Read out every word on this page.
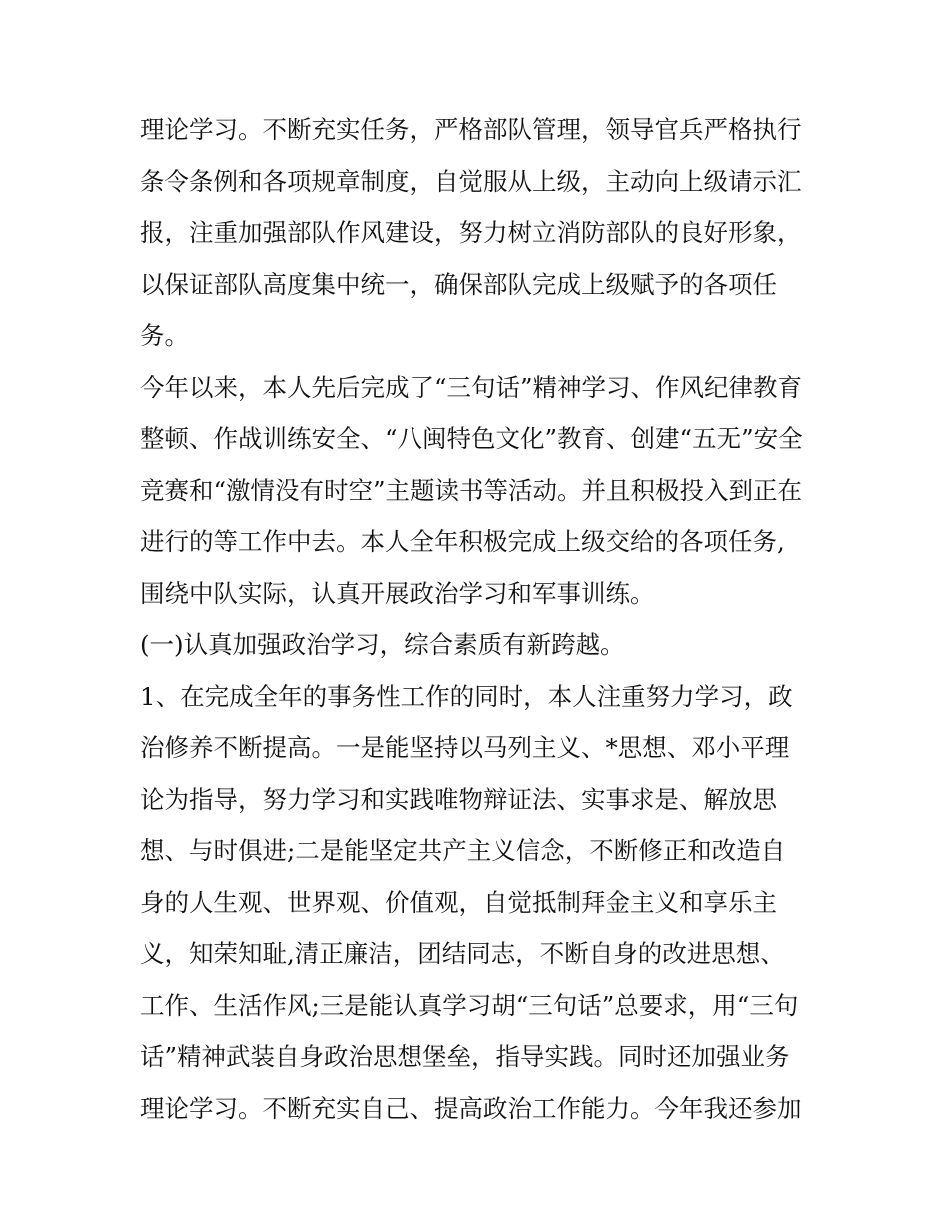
理论学习。不断充实任务，严格部队管理，领导官兵严格执行
条令条例和各项规章制度，自觉服从上级，主动向上级请示汇
报，注重加强部队作风建设，努力树立消防部队的良好形象，
以保证部队高度集中统一，确保部队完成上级赋予的各项任
务。
今年以来，本人先后完成了“三句话”精神学习、作风纪律教育
整顿、作战训练安全、“八闽特色文化”教育、创建“五无”安全
竞赛和“激情没有时空”主题读书等活动。并且积极投入到正在
进行的等工作中去。本人全年积极完成上级交给的各项任务,
围绕中队实际，认真开展政治学习和军事训练。
(一)认真加强政治学习，综合素质有新跨越。
1、在完成全年的事务性工作的同时，本人注重努力学习，政
治修养不断提高。一是能坚持以马列主义、*思想、邓小平理
论为指导，努力学习和实践唯物辩证法、实事求是、解放思
想、与时俱进;二是能坚定共产主义信念，不断修正和改造自
身的人生观、世界观、价值观，自觉抵制拜金主义和享乐主
义，知荣知耻,清正廉洁，团结同志，不断自身的改进思想、
工作、生活作风;三是能认真学习胡“三句话”总要求，用“三句
话”精神武装自身政治思想堡垒，指导实践。同时还加强业务
理论学习。不断充实自己、提高政治工作能力。今年我还参加
